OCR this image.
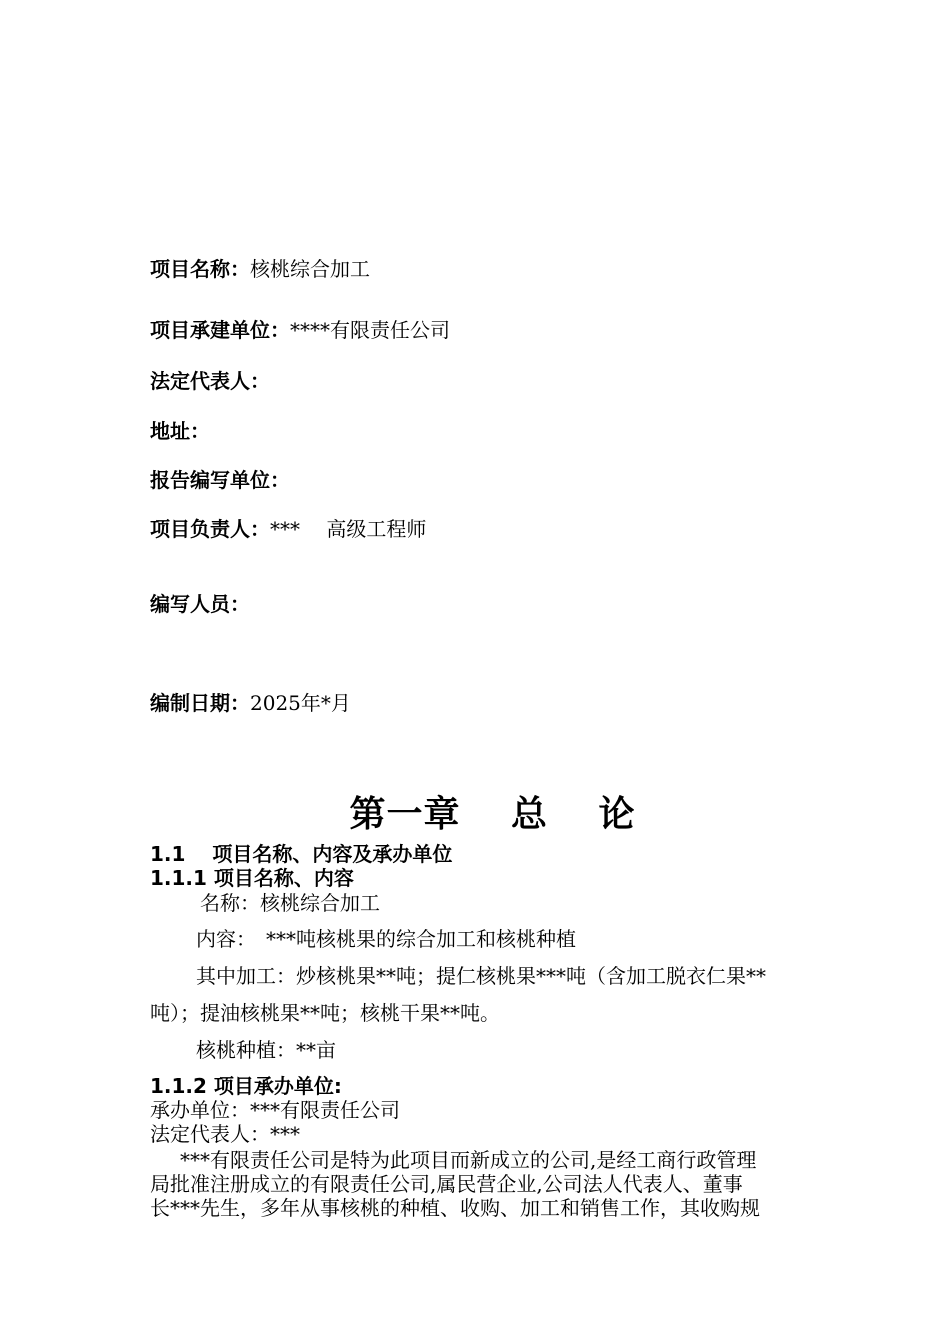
项目名称：核桃综合加工
项目承建单位：****有限责任公司
法定代表人：
地址：
报告编写单位：
项目负责人：***　 高级工程师
编写人员：
编制日期：2025年*月
第一章　 总　 论
1.1　 项目名称、内容及承办单位
1.1.1 项目名称、内容
名称：核桃综合加工
内容：　***吨核桃果的综合加工和核桃种植
其中加工：炒核桃果**吨；提仁核桃果***吨（含加工脱衣仁果**
吨）；提油核桃果**吨；核桃干果**吨。
核桃种植：**亩
1.1.2 项目承办单位:
承办单位：***有限责任公司
法定代表人：***
　***有限责任公司是特为此项目而新成立的公司,是经工商行政管理
局批准注册成立的有限责任公司,属民营企业,公司法人代表人、董事
长***先生，多年从事核桃的种植、收购、加工和销售工作，其收购规
